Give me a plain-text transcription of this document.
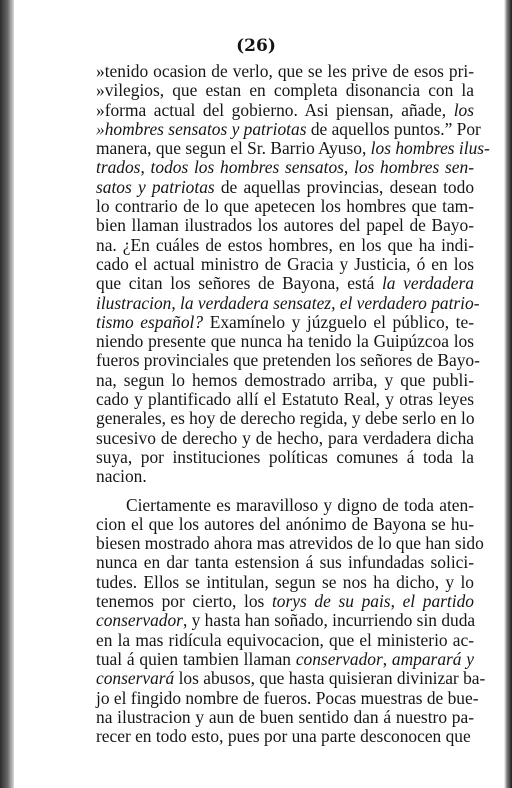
(26)
»tenido ocasion de verlo, que se les prive de esos pri-
»vilegios, que estan en completa disonancia con la
»forma actual del gobierno. Asi piensan, añade, los
»hombres sensatos y patriotas de aquellos puntos.” Por
manera, que segun el Sr. Barrio Ayuso, los hombres ilus-
trados, todos los hombres sensatos, los hombres sen-
satos y patriotas de aquellas provincias, desean todo
lo contrario de lo que apetecen los hombres que tam-
bien llaman ilustrados los autores del papel de Bayo-
na. ¿En cuáles de estos hombres, en los que ha indi-
cado el actual ministro de Gracia y Justicia, ó en los
que citan los señores de Bayona, está la verdadera
ilustracion, la verdadera sensatez, el verdadero patrio-
tismo español? Examínelo y júzguelo el público, te-
niendo presente que nunca ha tenido la Guipúzcoa los
fueros provinciales que pretenden los señores de Bayo-
na, segun lo hemos demostrado arriba, y que publi-
cado y plantificado allí el Estatuto Real, y otras leyes
generales, es hoy de derecho regida, y debe serlo en lo
sucesivo de derecho y de hecho, para verdadera dicha
suya, por instituciones políticas comunes á toda la
nacion.
Ciertamente es maravilloso y digno de toda aten-
cion el que los autores del anónimo de Bayona se hu-
biesen mostrado ahora mas atrevidos de lo que han sido
nunca en dar tanta estension á sus infundadas solici-
tudes. Ellos se intitulan, segun se nos ha dicho, y lo
tenemos por cierto, los torys de su pais, el partido
conservador, y hasta han soñado, incurriendo sin duda
en la mas ridícula equivocacion, que el ministerio ac-
tual á quien tambien llaman conservador, amparará y
conservará los abusos, que hasta quisieran divinizar ba-
jo el fingido nombre de fueros. Pocas muestras de bue-
na ilustracion y aun de buen sentido dan á nuestro pa-
recer en todo esto, pues por una parte desconocen que
